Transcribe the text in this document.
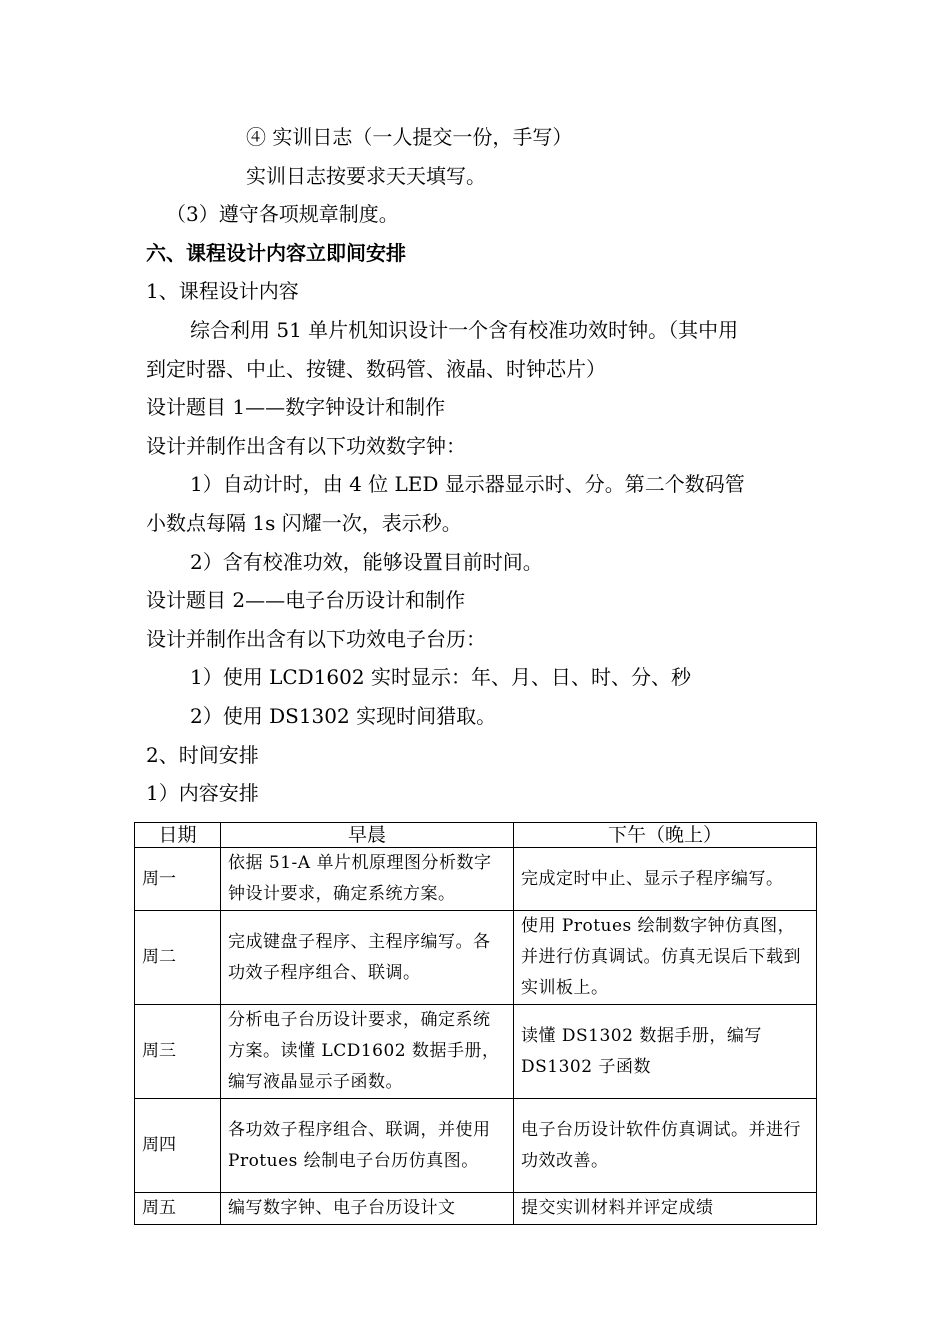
④ 实训日志（一人提交一份，手写）
实训日志按要求天天填写。
（3）遵守各项规章制度。
六、课程设计内容立即间安排
1、课程设计内容
综合利用 51 单片机知识设计一个含有校准功效时钟。（其中用
到定时器、中止、按键、数码管、液晶、时钟芯片）
设计题目 1——数字钟设计和制作
设计并制作出含有以下功效数字钟：
1）自动计时，由 4 位 LED 显示器显示时、分。第二个数码管
小数点每隔 1s 闪耀一次，表示秒。
2）含有校准功效，能够设置目前时间。
设计题目 2——电子台历设计和制作
设计并制作出含有以下功效电子台历：
1）使用 LCD1602 实时显示：年、月、日、时、分、秒
2）使用 DS1302 实现时间猎取。
2、时间安排
1）内容安排
日期	早晨	下午（晚上）
周一	依据 51-A 单片机原理图分析数字钟设计要求，确定系统方案。	完成定时中止、显示子程序编写。
周二	完成键盘子程序、主程序编写。各功效子程序组合、联调。	使用 Protues 绘制数字钟仿真图，并进行仿真调试。仿真无误后下载到实训板上。
周三	分析电子台历设计要求，确定系统方案。读懂 LCD1602 数据手册，编写液晶显示子函数。	读懂 DS1302 数据手册，编写 DS1302 子函数
周四	各功效子程序组合、联调，并使用 Protues 绘制电子台历仿真图。	电子台历设计软件仿真调试。并进行功效改善。
周五	编写数字钟、电子台历设计文	提交实训材料并评定成绩
